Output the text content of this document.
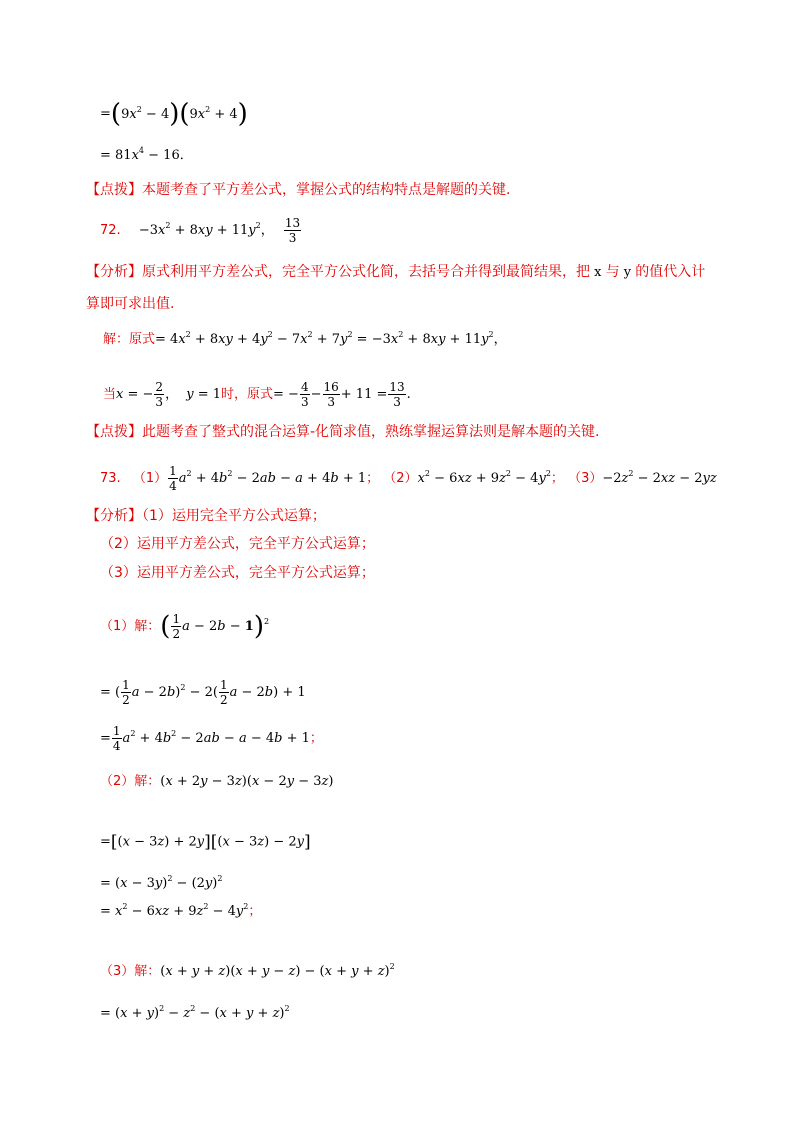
$=(9x^2 - 4)(9x^2 + 4)$
= $81x^4 - 16$．
【点拨】本题考查了平方差公式，掌握公式的结构特点是解题的关键.
72. $-3x^2 + 8xy + 11y^2$， $\frac{13}{3}$
【分析】原式利用平方差公式，完全平方公式化简，去括号合并得到最简结果，把 x 与 y 的值代入计
算即可求出值.
解：原式= $4x^2 + 8xy + 4y^2 - 7x^2 + 7y^2 = -3x^2 + 8xy + 11y^2$，
当x = − $\frac{2}{3}$ ， y = 1时，原式= − $\frac{4}{3} - \frac{16}{3} + 11 = \frac{13}{3}$ .
【点拨】此题考查了整式的混合运算-化简求值，熟练掌握运算法则是解本题的关键.
73. $(1) \frac{1}{4} a^2 + 4b^2 - 2ab - a + 4b + 1$； $(2)x^2 - 6xz + 9z^2 - 4y^2$； $(3)-2z^2 - 2xz - 2yz$
【分析】（1）运用完全平方公式运算；
（2）运用平方差公式，完全平方公式运算；
（3）运用平方差公式，完全平方公式运算；
（1）解：( $\frac{1}{2}$ a − 2b − 1)$^2$
= ( $\frac{1}{2}$ $a - 2b)^2 - 2( \frac{1}{2}$ a − 2b) + 1
= $\frac{1}{4} a^2 + 4b^2 - 2ab - a - 4b + 1$；
（2）解：(x + 2y − 3z)(x − 2y − 3z)
=[(x − 3z) + 2y][(x − 3z) − 2y]
= $(x - 3y)^2 - (2y)^2$
= $x^2 - 6xz + 9z^2 - 4y^2$；
（3）解：$(x + y + z)(x + y - z) - (x + y + z)^2$
= $(x + y)^2 - z^2 - (x + y + z)^2$
